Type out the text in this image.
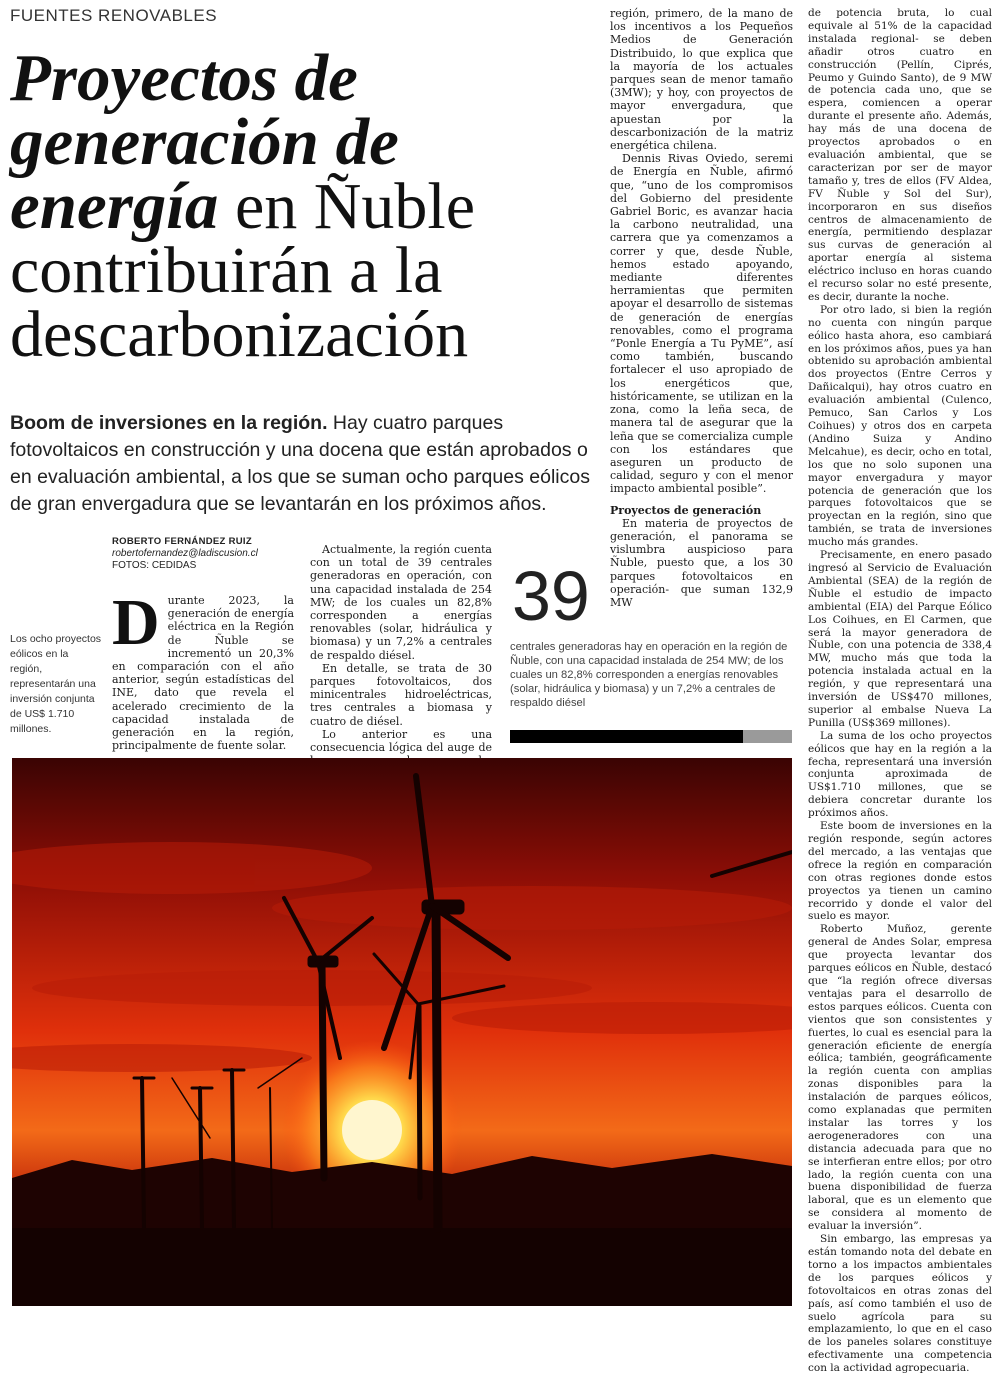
FUENTES RENOVABLES
Proyectos de
generación de
energía en Ñuble
contribuirán a la
descarbonización
Boom de inversiones en la región. Hay cuatro parques fotovoltaicos en construcción y una docena que están aprobados o en evaluación ambiental, a los que se suman ocho parques eólicos de gran envergadura que se levantarán en los próximos años.
ROBERTO FERNÁNDEZ RUIZ
robertofernandez@ladiscusion.cl
FOTOS: CEDIDAS
Los ocho proyectos eólicos en la región, representarán una inversión conjunta de US$ 1.710 millones.

Durante 2023, la generación de energía eléctrica en la Región de Ñuble se incrementó un 20,3% en comparación con el año anterior, según estadísticas del INE, dato que revela el acelerado crecimiento de la capacidad instalada de generación en la región, principalmente de fuente solar.

Actualmente, la región cuenta con un total de 39 centrales generadoras en operación, con una capacidad instalada de 254 MW; de los cuales un 82,8% corresponden a energías renovables (solar, hidráulica y biomasa) y un 7,2% a centrales de respaldo diésel.

En detalle, se trata de 30 parques fotovoltaicos, dos minicentrales hidroeléctricas, tres centrales a biomasa y cuatro de diésel.

Lo anterior es una consecuencia lógica del auge de

39
centrales generadoras hay en operación en la región de Ñuble, con una capacidad instalada de 254 MW; de los cuales un 82,8% corresponden a energías renovables (solar, hidráulica y biomasa) y un 7,2% a centrales de respaldo diésel

región, primero, de la mano de los incentivos a los Pequeños Medios de Generación Distribuido, lo que explica que la mayoría de los actuales parques sean de menor tamaño (3MW); y hoy, con proyectos de mayor envergadura, que apuestan por la descarbonización de la matriz energética chilena.

Dennis Rivas Oviedo, seremi de Energía en Ñuble, afirmó que, “uno de los compromisos del Gobierno del presidente Gabriel Boric, es avanzar hacia la carbono neutralidad, una carrera que ya comenzamos a correr y que, desde Ñuble, hemos estado apoyando, mediante diferentes herramientas que permiten apoyar el desarrollo de sistemas de generación de energías renovables, como el programa “Ponle Energía a Tu PyME”, así como también, buscando fortalecer el uso apropiado de los energéticos que, históricamente, se utilizan en la zona, como la leña seca, de manera tal de asegurar que la leña que se comercializa cumple con los estándares que aseguren un producto de calidad, seguro y con el menor impacto ambiental posible”.

Proyectos de generación

En materia de proyectos de generación, el panorama se vislumbra auspicioso para Ñuble, puesto que, a los 30 parques fotovoltaicos en operación- que suman 132,9 MW

de potencia bruta, lo cual equivale al 51% de la capacidad instalada regional- se deben añadir otros cuatro en construcción (Pellín, Ciprés, Peumo y Guindo Santo), de 9 MW de potencia cada uno, que se espera, comiencen a operar durante el presente año. Además, hay más de una docena de proyectos aprobados o en evaluación ambiental, que se caracterizan por ser de mayor tamaño y, tres de ellos (FV Aldea, FV Ñuble y Sol del Sur), incorporaron en sus diseños centros de almacenamiento de energía, permitiendo desplazar sus curvas de generación al aportar energía al sistema eléctrico incluso en horas cuando el recurso solar no esté presente, es decir, durante la noche.

Por otro lado, si bien la región no cuenta con ningún parque eólico hasta ahora, eso cambiará en los próximos años, pues ya han obtenido su aprobación ambiental dos proyectos (Entre Cerros y Dañicalqui), hay otros cuatro en evaluación ambiental (Culenco, Pemuco, San Carlos y Los Coihues) y otros dos en carpeta (Andino Suiza y Andino Melcahue), es decir, ocho en total, los que no solo suponen una mayor envergadura y mayor potencia de generación que los parques fotovoltaicos que se proyectan en la región, sino que también, se trata de inversiones mucho más grandes.

Precisamente, en enero pasado ingresó al Servicio de Evaluación Ambiental (SEA) de la región de Ñuble el estudio de impacto ambiental (EIA) del Parque Eólico Los Coihues, en El Carmen, que será la mayor generadora de Ñuble, con una potencia de 338,4 MW, mucho más que toda la potencia instalada actual en la región, y que representará una inversión de US$470 millones, superior al embalse Nueva La Punilla (US$369 millones).

La suma de los ocho proyectos eólicos que hay en la región a la fecha, representará una inversión conjunta aproximada de US$1.710 millones, que se debiera concretar durante los próximos años.

Este boom de inversiones en la región responde, según actores del mercado, a las ventajas que ofrece la región en comparación con otras regiones donde estos proyectos ya tienen un camino recorrido y donde el valor del suelo es mayor.

Roberto Muñoz, gerente general de Andes Solar, empresa que proyecta levantar dos parques eólicos en Ñuble, destacó que “la región ofrece diversas ventajas para el desarrollo de estos parques eólicos. Cuenta con vientos que son consistentes y fuertes, lo cual es esencial para la generación eficiente de energía eólica; también, geográficamente la región cuenta con amplias zonas disponibles para la instalación de parques eólicos, como explanadas que permiten instalar las torres y los aerogeneradores con una distancia adecuada para que no se interfieran entre ellos; por otro lado, la región cuenta con una buena disponibilidad de fuerza laboral, que es un elemento que se considera al momento de evaluar la inversión”.

Sin embargo, las empresas ya están tomando nota del debate en torno a los impactos ambientales de los parques eólicos y fotovoltaicos en otras zonas del país, así como también el uso de suelo agrícola para su emplazamiento, lo que en el caso de los paneles solares constituye efectivamente una competencia con la actividad agropecuaria.
